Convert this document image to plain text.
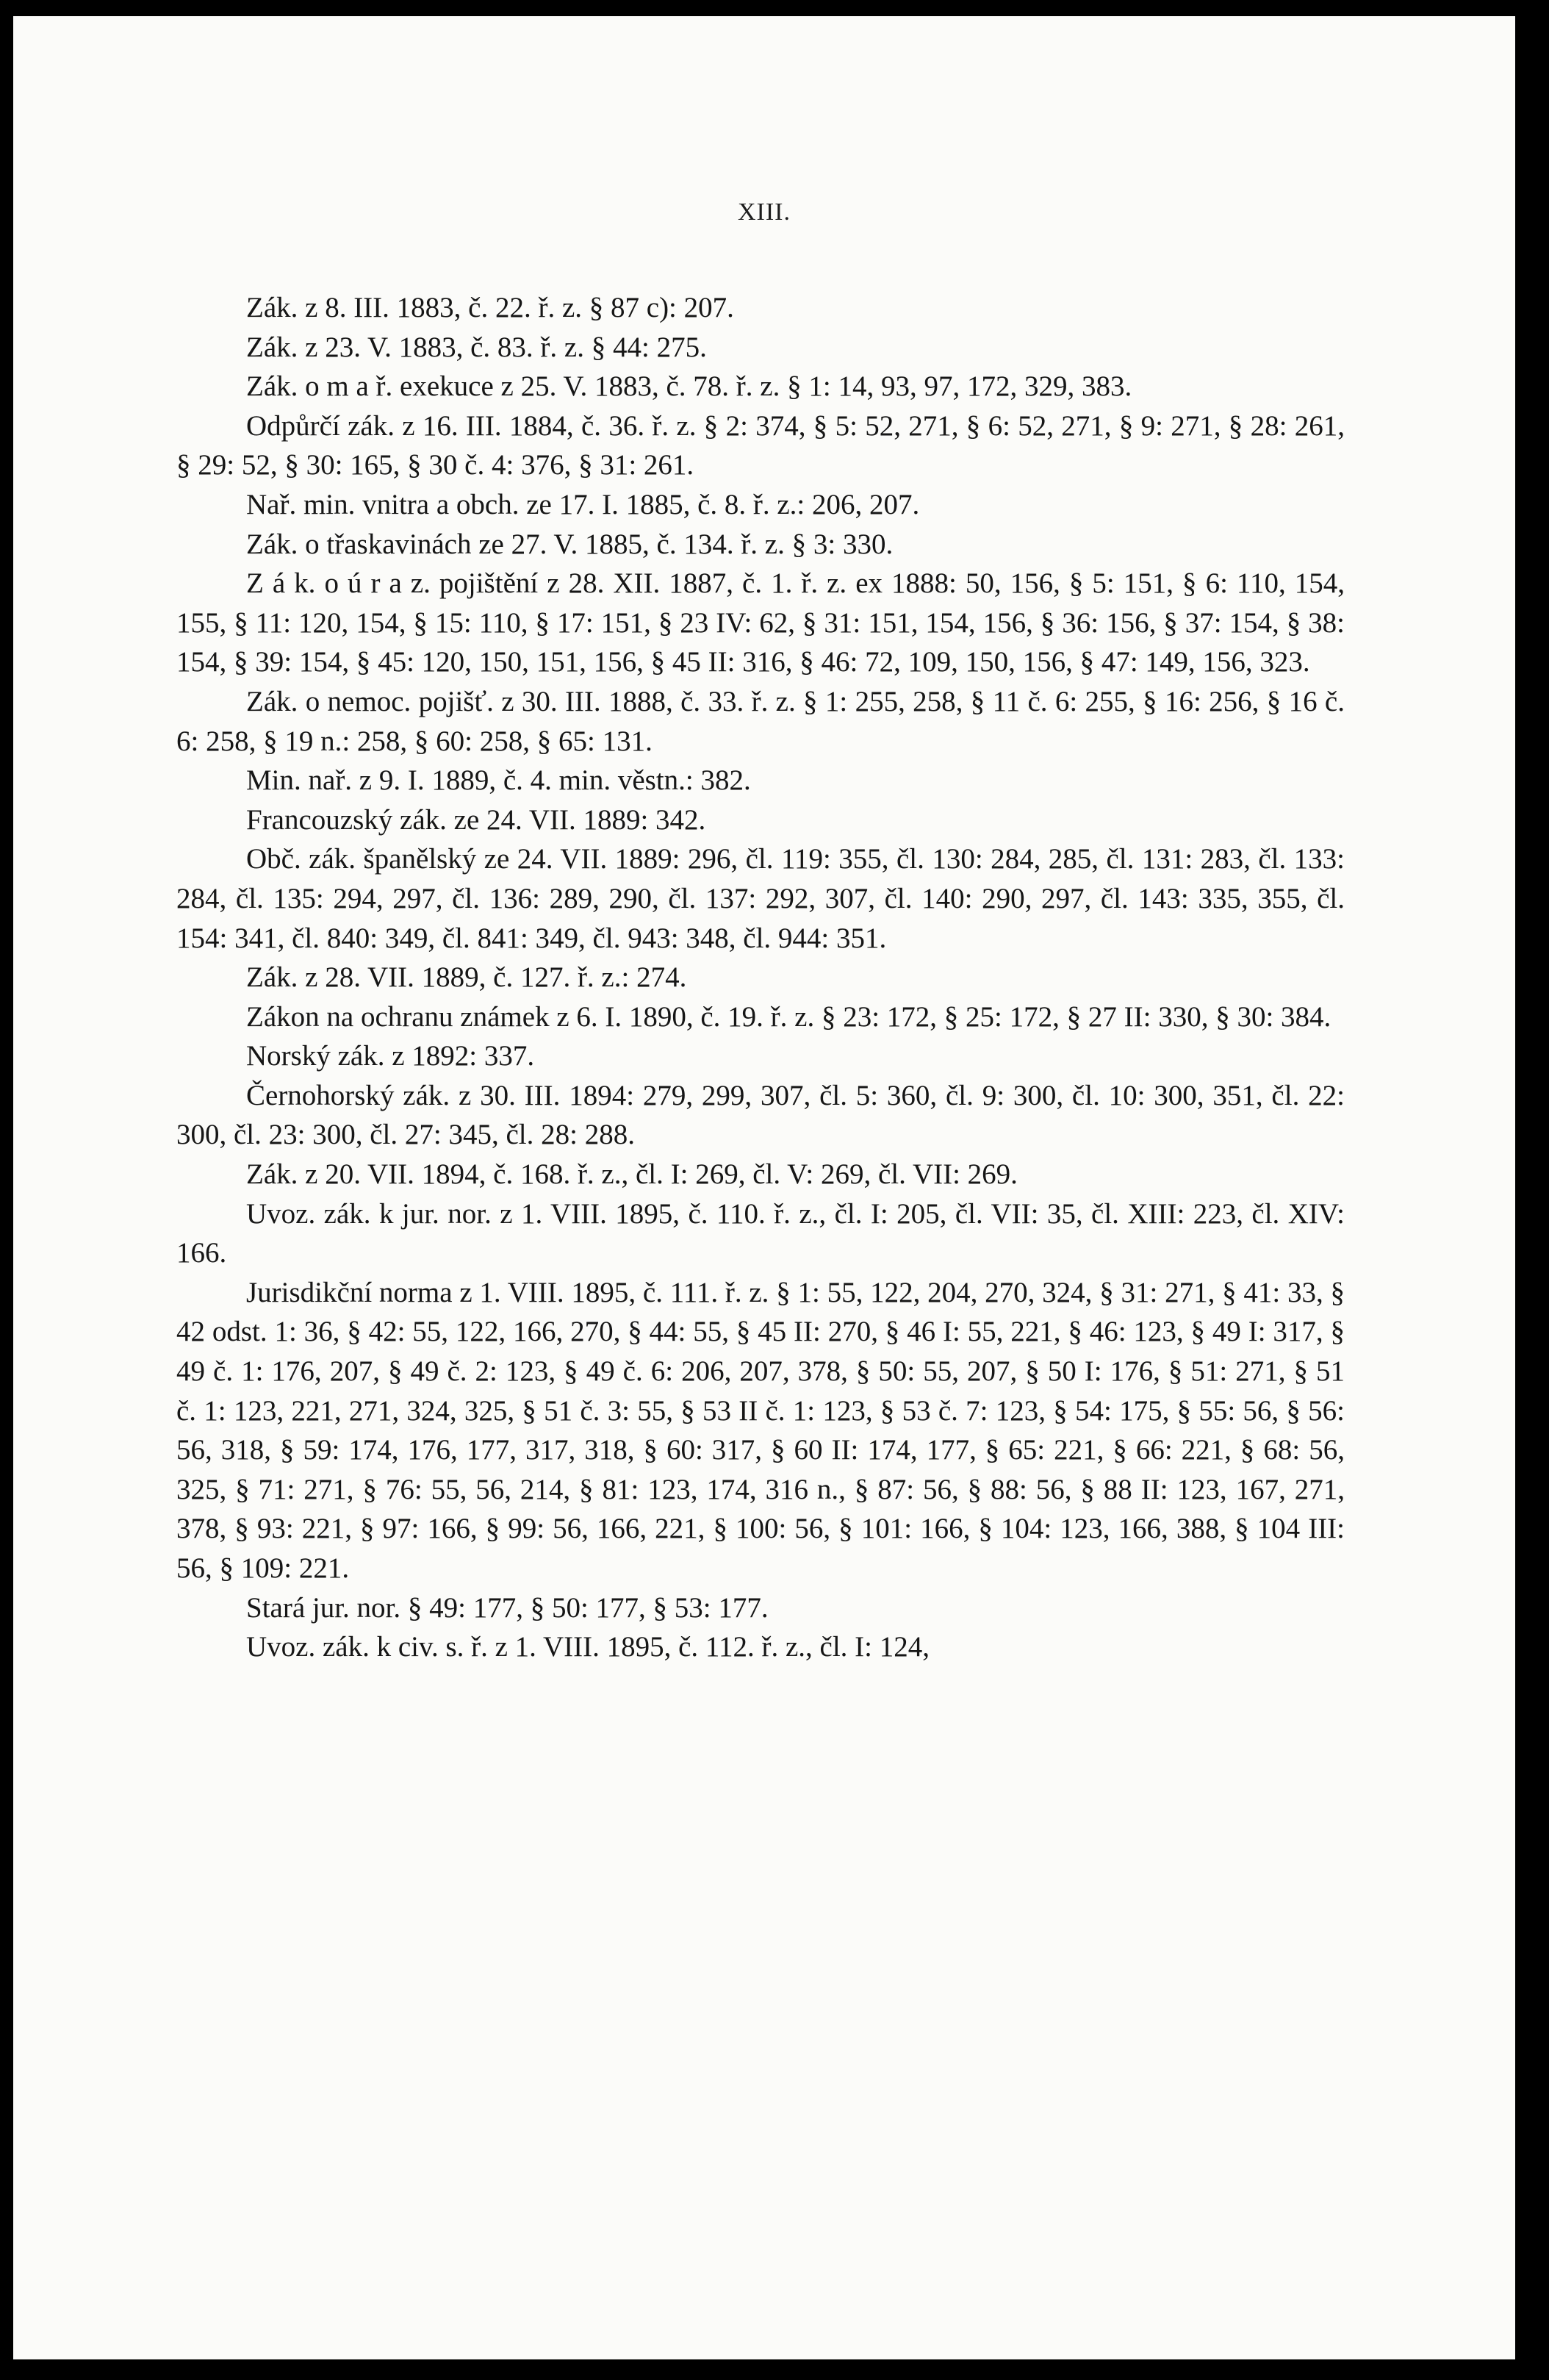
XIII.
Zák. z 8. III. 1883, č. 22. ř. z. § 87 c): 207.
Zák. z 23. V. 1883, č. 83. ř. z. § 44: 275.
Zák. o m a ř. exekuce z 25. V. 1883, č. 78. ř. z. § 1: 14, 93, 97, 172, 329, 383.
Odpůrčí zák. z 16. III. 1884, č. 36. ř. z. § 2: 374, § 5: 52, 271, § 6: 52, 271, § 9: 271, § 28: 261, § 29: 52, § 30: 165, § 30 č. 4: 376, § 31: 261.
Nař. min. vnitra a obch. ze 17. I. 1885, č. 8. ř. z.: 206, 207.
Zák. o třaskavinách ze 27. V. 1885, č. 134. ř. z. § 3: 330.
Z á k. o ú r a z. pojištění z 28. XII. 1887, č. 1. ř. z. ex 1888: 50, 156, § 5: 151, § 6: 110, 154, 155, § 11: 120, 154, § 15: 110, § 17: 151, § 23 IV: 62, § 31: 151, 154, 156, § 36: 156, § 37: 154, § 38: 154, § 39: 154, § 45: 120, 150, 151, 156, § 45 II: 316, § 46: 72, 109, 150, 156, § 47: 149, 156, 323.
Zák. o nemoc. pojišť. z 30. III. 1888, č. 33. ř. z. § 1: 255, 258, § 11 č. 6: 255, § 16: 256, § 16 č. 6: 258, § 19 n.: 258, § 60: 258, § 65: 131.
Min. nař. z 9. I. 1889, č. 4. min. věstn.: 382.
Francouzský zák. ze 24. VII. 1889: 342.
Obč. zák. španělský ze 24. VII. 1889: 296, čl. 119: 355, čl. 130: 284, 285, čl. 131: 283, čl. 133: 284, čl. 135: 294, 297, čl. 136: 289, 290, čl. 137: 292, 307, čl. 140: 290, 297, čl. 143: 335, 355, čl. 154: 341, čl. 840: 349, čl. 841: 349, čl. 943: 348, čl. 944: 351.
Zák. z 28. VII. 1889, č. 127. ř. z.: 274.
Zákon na ochranu známek z 6. I. 1890, č. 19. ř. z. § 23: 172, § 25: 172, § 27 II: 330, § 30: 384.
Norský zák. z 1892: 337.
Černohorský zák. z 30. III. 1894: 279, 299, 307, čl. 5: 360, čl. 9: 300, čl. 10: 300, 351, čl. 22: 300, čl. 23: 300, čl. 27: 345, čl. 28: 288.
Zák. z 20. VII. 1894, č. 168. ř. z., čl. I: 269, čl. V: 269, čl. VII: 269.
Uvoz. zák. k jur. nor. z 1. VIII. 1895, č. 110. ř. z., čl. I: 205, čl. VII: 35, čl. XIII: 223, čl. XIV: 166.
Jurisdikční norma z 1. VIII. 1895, č. 111. ř. z. § 1: 55, 122, 204, 270, 324, § 31: 271, § 41: 33, § 42 odst. 1: 36, § 42: 55, 122, 166, 270, § 44: 55, § 45 II: 270, § 46 I: 55, 221, § 46: 123, § 49 I: 317, § 49 č. 1: 176, 207, § 49 č. 2: 123, § 49 č. 6: 206, 207, 378, § 50: 55, 207, § 50 I: 176, § 51: 271, § 51 č. 1: 123, 221, 271, 324, 325, § 51 č. 3: 55, § 53 II č. 1: 123, § 53 č. 7: 123, § 54: 175, § 55: 56, § 56: 56, 318, § 59: 174, 176, 177, 317, 318, § 60: 317, § 60 II: 174, 177, § 65: 221, § 66: 221, § 68: 56, 325, § 71: 271, § 76: 55, 56, 214, § 81: 123, 174, 316 n., § 87: 56, § 88: 56, § 88 II: 123, 167, 271, 378, § 93: 221, § 97: 166, § 99: 56, 166, 221, § 100: 56, § 101: 166, § 104: 123, 166, 388, § 104 III: 56, § 109: 221.
Stará jur. nor. § 49: 177, § 50: 177, § 53: 177.
Uvoz. zák. k civ. s. ř. z 1. VIII. 1895, č. 112. ř. z., čl. I: 124,
